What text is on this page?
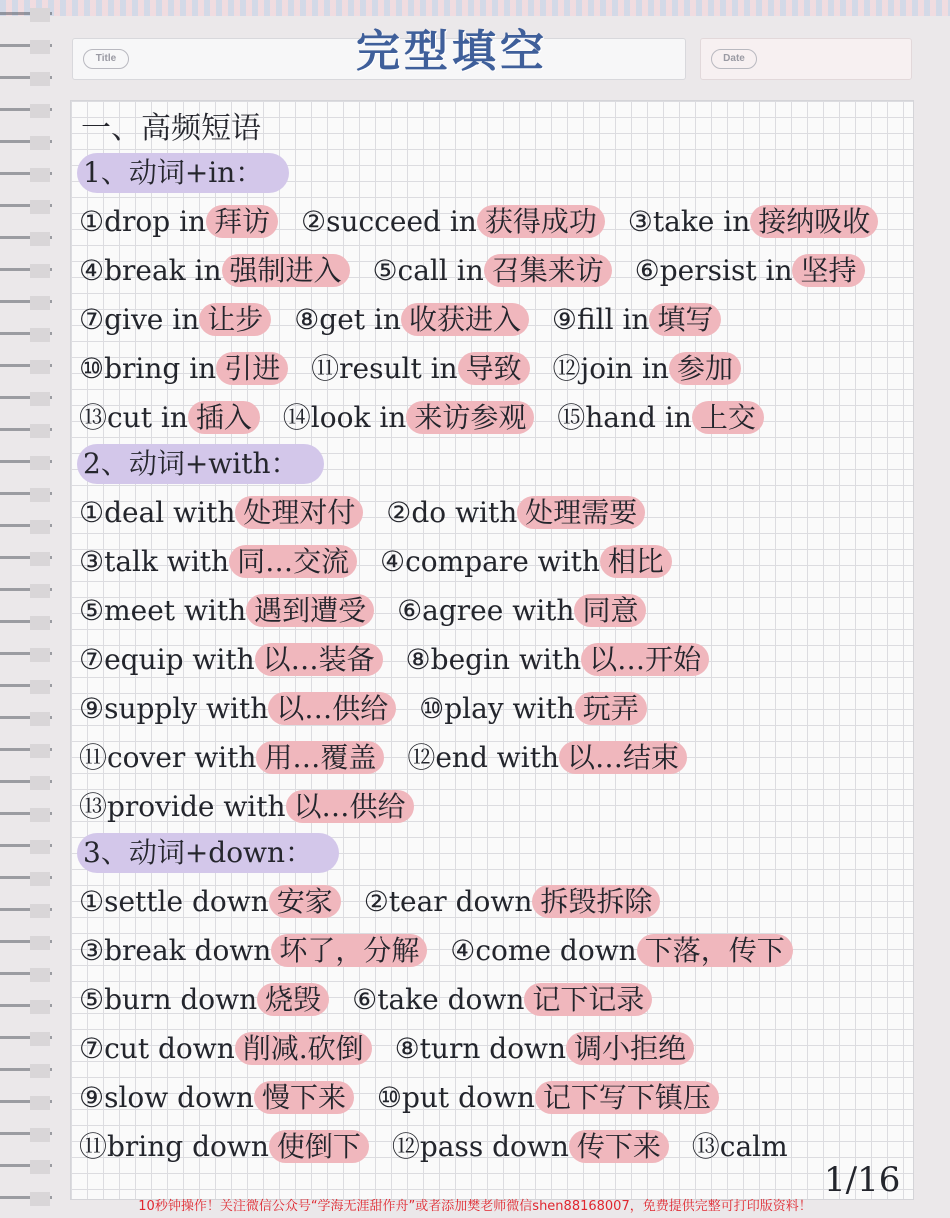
Title	Date
完型填空
一、高频短语
1、动词+in：
①drop in 拜访 ②succeed in 获得成功 ③take in 接纳吸收 ④break in 强制进入 ⑤call in 召集来访 ⑥persist in 坚持 ⑦give in 让步 ⑧get in 收获进入 ⑨fill in 填写 ⑩bring in 引进 ⑪result in 导致 ⑫join in 参加 ⑬cut in 插入 ⑭look in 来访参观 ⑮hand in 上交
2、动词+with：
①deal with 处理对付 ②do with 处理需要 ③talk with 同…交流 ④compare with 相比 ⑤meet with 遇到遭受 ⑥agree with 同意 ⑦equip with 以…装备 ⑧begin with 以…开始 ⑨supply with 以…供给 ⑩play with 玩弄 ⑪cover with 用…覆盖 ⑫end with 以…结束 ⑬provide with 以…供给
3、动词+down：
①settle down 安家 ②tear down 拆毁拆除 ③break down 坏了，分解 ④come down 下落，传下 ⑤burn down 烧毁 ⑥take down 记下记录 ⑦cut down 削减.砍倒 ⑧turn down 调小拒绝 ⑨slow down 慢下来 ⑩put down 记下写下镇压 ⑪bring down 使倒下 ⑫pass down 传下来 ⑬calm
1/16
10秒钟操作！关注微信公众号“学海无涯甜作舟”或者添加樊老师微信shen88168007，免费提供完整可打印版资料！
